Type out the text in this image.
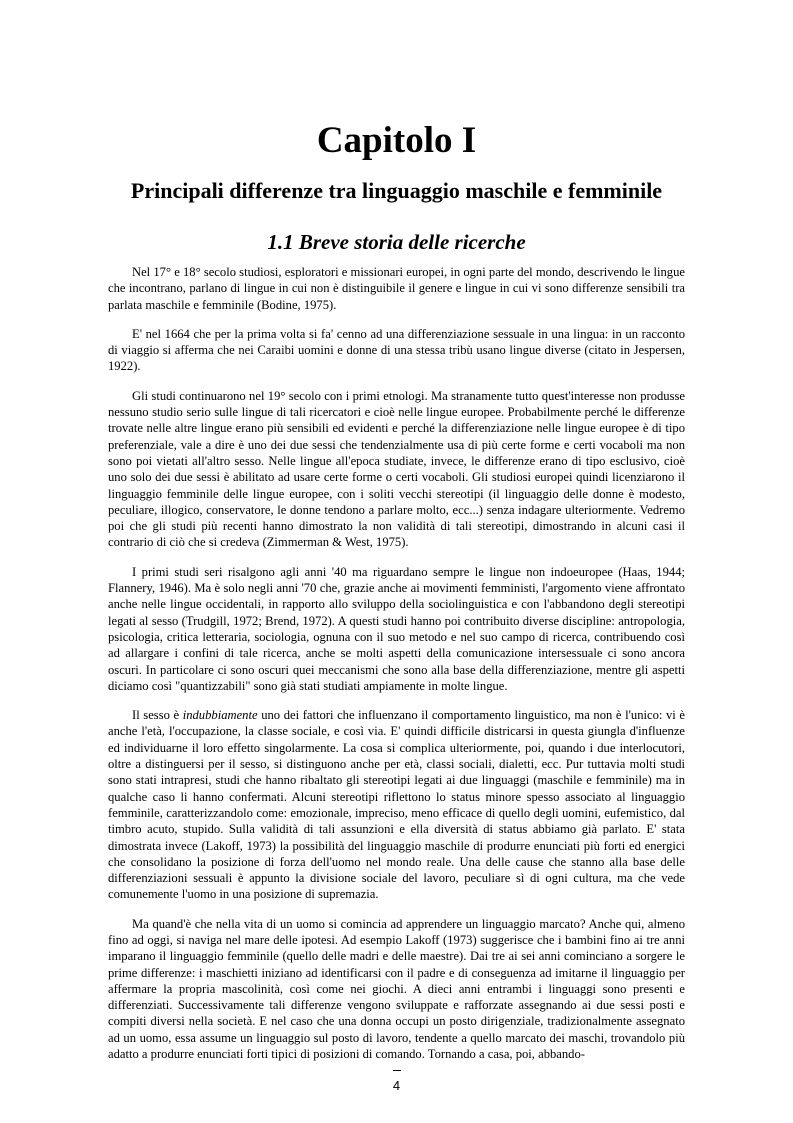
Capitolo I
Principali differenze tra linguaggio maschile e femminile
1.1 Breve storia delle ricerche

Nel 17° e 18° secolo studiosi, esploratori e missionari europei, in ogni parte del mondo, descrivendo le lingue che incontrano, parlano di lingue in cui non è distinguibile il genere e lingue in cui vi sono differenze sensibili tra parlata maschile e femminile (Bodine, 1975).

E' nel 1664 che per la prima volta si fa' cenno ad una differenziazione sessuale in una lingua: in un racconto di viaggio si afferma che nei Caraibi uomini e donne di una stessa tribù usano lingue diverse (citato in Jespersen, 1922).

Gli studi continuarono nel 19° secolo con i primi etnologi. Ma stranamente tutto quest'interesse non produsse nessuno studio serio sulle lingue di tali ricercatori e cioè nelle lingue europee. Probabilmente perché le differenze trovate nelle altre lingue erano più sensibili ed evidenti e perché la differenziazione nelle lingue europee è di tipo preferenziale, vale a dire è uno dei due sessi che tendenzialmente usa di più certe forme e certi vocaboli ma non sono poi vietati all'altro sesso. Nelle lingue all'epoca studiate, invece, le differenze erano di tipo esclusivo, cioè uno solo dei due sessi è abilitato ad usare certe forme o certi vocaboli. Gli studiosi europei quindi licenziarono il linguaggio femminile delle lingue europee, con i soliti vecchi stereotipi (il linguaggio delle donne è modesto, peculiare, illogico, conservatore, le donne tendono a parlare molto, ecc...) senza indagare ulteriormente. Vedremo poi che gli studi più recenti hanno dimostrato la non validità di tali stereotipi, dimostrando in alcuni casi il contrario di ciò che si credeva (Zimmerman & West, 1975).

I primi studi seri risalgono agli anni '40 ma riguardano sempre le lingue non indoeuropee (Haas, 1944; Flannery, 1946). Ma è solo negli anni '70 che, grazie anche ai movimenti femministi, l'argomento viene affrontato anche nelle lingue occidentali, in rapporto allo sviluppo della sociolinguistica e con l'abbandono degli stereotipi legati al sesso (Trudgill, 1972; Brend, 1972). A questi studi hanno poi contribuito diverse discipline: antropologia, psicologia, critica letteraria, sociologia, ognuna con il suo metodo e nel suo campo di ricerca, contribuendo così ad allargare i confini di tale ricerca, anche se molti aspetti della comunicazione intersessuale ci sono ancora oscuri. In particolare ci sono oscuri quei meccanismi che sono alla base della differenziazione, mentre gli aspetti diciamo così "quantizzabili" sono già stati studiati ampiamente in molte lingue.

Il sesso è indubbiamente uno dei fattori che influenzano il comportamento linguistico, ma non è l'unico: vi è anche l'età, l'occupazione, la classe sociale, e così via. E' quindi difficile districarsi in questa giungla d'influenze ed individuarne il loro effetto singolarmente. La cosa si complica ulteriormente, poi, quando i due interlocutori, oltre a distinguersi per il sesso, si distinguono anche per età, classi sociali, dialetti, ecc. Pur tuttavia molti studi sono stati intrapresi, studi che hanno ribaltato gli stereotipi legati ai due linguaggi (maschile e femminile) ma in qualche caso li hanno confermati. Alcuni stereotipi riflettono lo status minore spesso associato al linguaggio femminile, caratterizzandolo come: emozionale, impreciso, meno efficace di quello degli uomini, eufemistico, dal timbro acuto, stupido. Sulla validità di tali assunzioni e ella diversità di status abbiamo già parlato. E' stata dimostrata invece (Lakoff, 1973) la possibilità del linguaggio maschile di produrre enunciati più forti ed energici che consolidano la posizione di forza dell'uomo nel mondo reale. Una delle cause che stanno alla base delle differenziazioni sessuali è appunto la divisione sociale del lavoro, peculiare sì di ogni cultura, ma che vede comunemente l'uomo in una posizione di supremazia.

Ma quand'è che nella vita di un uomo si comincia ad apprendere un linguaggio marcato? Anche qui, almeno fino ad oggi, si naviga nel mare delle ipotesi. Ad esempio Lakoff (1973) suggerisce che i bambini fino ai tre anni imparano il linguaggio femminile (quello delle madri e delle maestre). Dai tre ai sei anni cominciano a sorgere le prime differenze: i maschietti iniziano ad identificarsi con il padre e di conseguenza ad imitarne il linguaggio per affermare la propria mascolinità, così come nei giochi. A dieci anni entrambi i linguaggi sono presenti e differenziati. Successivamente tali differenze vengono sviluppate e rafforzate assegnando ai due sessi posti e compiti diversi nella società. E nel caso che una donna occupi un posto dirigenziale, tradizionalmente assegnato ad un uomo, essa assume un linguaggio sul posto di lavoro, tendente a quello marcato dei maschi, trovandolo più adatto a produrre enunciati forti tipici di posizioni di comando. Tornando a casa, poi, abbando-

4
